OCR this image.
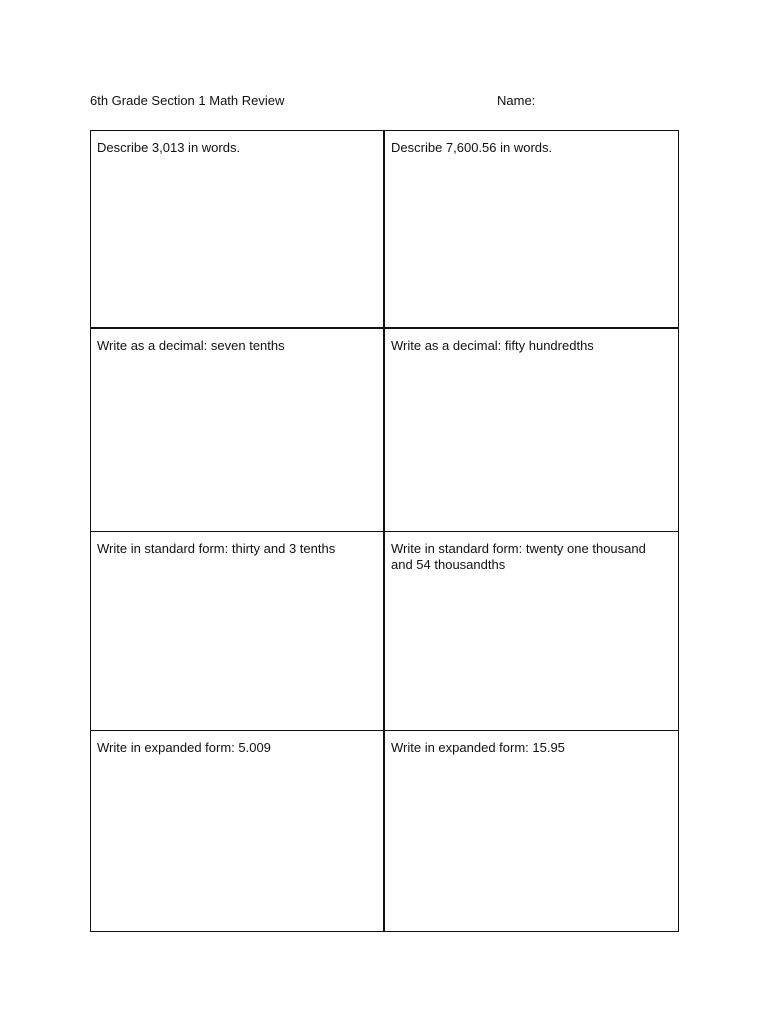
6th Grade Section 1 Math Review	Name:
Describe 3,013 in words.	Describe 7,600.56 in words.
Write as a decimal: seven tenths	Write as a decimal: fifty hundredths
Write in standard form: thirty and 3 tenths	Write in standard form: twenty one thousand and 54 thousandths
Write in expanded form: 5.009	Write in expanded form: 15.95
